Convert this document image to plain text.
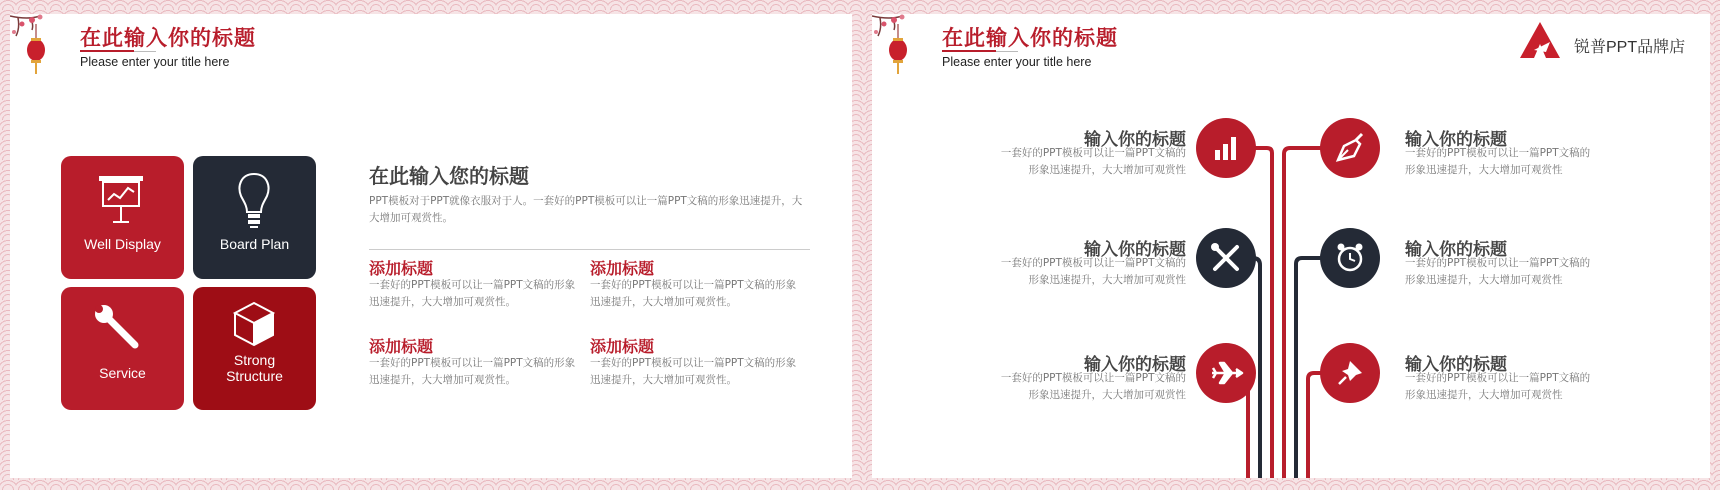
在此输入你的标题
Please enter your title here
Well Display	Board Plan
Service
Strong
Structure
在此输入您的标题
PPT模板对于PPT就像衣服对于人。一套好的PPT模板可以让一篇PPT文稿的形象迅速提升，大大增加可观赏性。
添加标题
一套好的PPT模板可以让一篇PPT文稿的形象迅速提升，大大增加可观赏性。
添加标题
一套好的PPT模板可以让一篇PPT文稿的形象迅速提升，大大增加可观赏性。
添加标题
一套好的PPT模板可以让一篇PPT文稿的形象迅速提升，大大增加可观赏性。
添加标题
一套好的PPT模板可以让一篇PPT文稿的形象迅速提升，大大增加可观赏性。
在此输入你的标题
Please enter your title here
锐普PPT品牌店
输入你的标题
一套好的PPT模板可以让一篇PPT文稿的
形象迅速提升，大大增加可观赏性
输入你的标题
一套好的PPT模板可以让一篇PPT文稿的
形象迅速提升，大大增加可观赏性
输入你的标题
一套好的PPT模板可以让一篇PPT文稿的
形象迅速提升，大大增加可观赏性
输入你的标题
一套好的PPT模板可以让一篇PPT文稿的
形象迅速提升，大大增加可观赏性
输入你的标题
一套好的PPT模板可以让一篇PPT文稿的
形象迅速提升，大大增加可观赏性
输入你的标题
一套好的PPT模板可以让一篇PPT文稿的
形象迅速提升，大大增加可观赏性
